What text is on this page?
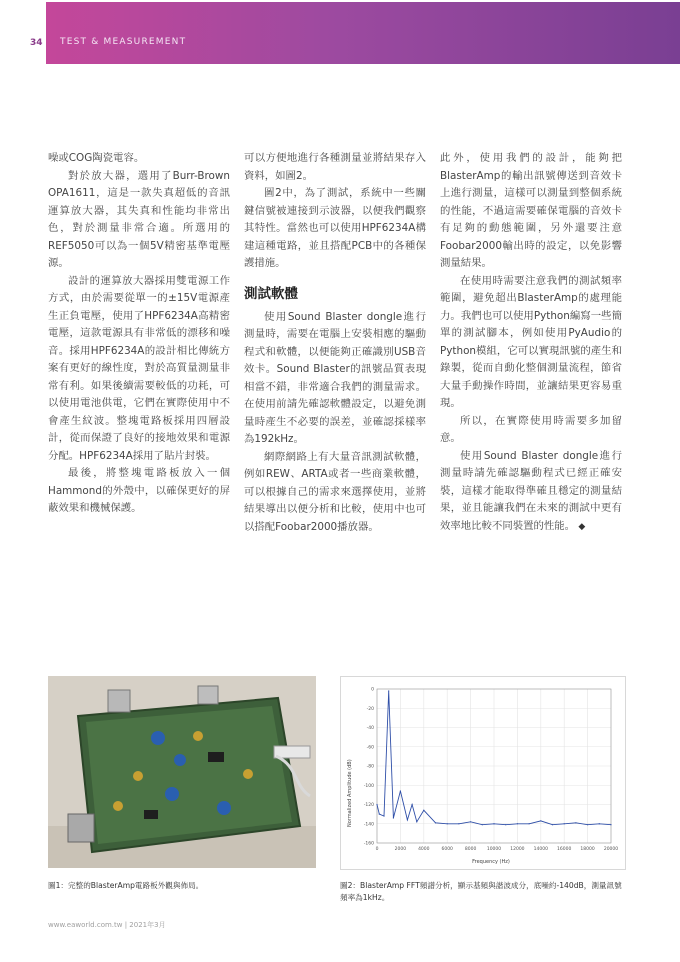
34 TEST & MEASUREMENT

噪或COG陶瓷電容。

對於放大器，選用了Burr-Brown OPA1611，這是一款失真超低的音訊運算放大器，其失真和性能均非常出色，對於測量非常合適。所選用的REF5050可以為一個5V精密基準電壓源。

設計的運算放大器採用雙電源工作方式，由於需要從單一的±15V電源產生正負電壓，使用了HPF6234A高精密電壓，這款電源具有非常低的漂移和噪音。採用HPF6234A的設計相比傳統方案有更好的線性度，對於高質量測量非常有利。如果後續需要較低的功耗，可以使用電池供電，它們在實際使用中不會產生紋波。整塊電路板採用四層設計，從而保證了良好的接地效果和電源分配。HPF6234A採用了貼片封裝。

最後，將整塊電路板放入一個Hammond的外殼中，以確保更好的屏蔽效果和機械保護。

可以方便地進行各種測量並將結果存入資料，如圖2。

圖2中，為了測試，系統中一些關鍵信號被連接到示波器，以便我們觀察其特性。當然也可以使用HPF6234A構建這種電路，並且搭配PCB中的各種保護措施。

測試軟體

使用Sound Blaster dongle進行測量時，需要在電腦上安裝相應的驅動程式和軟體，以便能夠正確識別USB音效卡。Sound Blaster的訊號品質表現相當不錯，非常適合我們的測量需求。在使用前請先確認軟體設定，以避免測量時產生不必要的誤差，並確認採樣率為192kHz。

網際網路上有大量音訊測試軟體，例如REW、ARTA或者一些商業軟體，可以根據自己的需求來選擇使用，並將結果導出以便分析和比較，使用中也可以搭配Foobar2000播放器。

此外，使用我們的設計，能夠把BlasterAmp的輸出訊號傳送到音效卡上進行測量，這樣可以測量到整個系統的性能，不過這需要確保電腦的音效卡有足夠的動態範圍，另外還要注意Foobar2000輸出時的設定，以免影響測量結果。

在使用時需要注意我們的測試頻率範圍，避免超出BlasterAmp的處理能力。我們也可以使用Python編寫一些簡單的測試腳本，例如使用PyAudio的Python模組，它可以實現訊號的產生和錄製，從而自動化整個測量流程，節省大量手動操作時間，並讓結果更容易重現。

所以，在實際使用時需要多加留意。

使用Sound Blaster dongle進行測量時請先確認驅動程式已經正確安裝，這樣才能取得準確且穩定的測量結果，並且能讓我們在未來的測試中更有效率地比較不同裝置的性能。 ◆

Normalized Amplitude (dB)
Frequency (Hz)
-160
-140
-120
-100
-80
-60
-40
-20
0
0	2000	4000	6000	8000 10000 12000 14000 16000 18000 20000
圖1：完整的BlasterAmp電路板外觀與佈局。	圖2：BlasterAmp FFT頻譜分析，顯示基頻與諧波成分，底噪約-140dB，測量訊號頻率為1kHz。
www.eaworld.com.tw | 2021年3月
